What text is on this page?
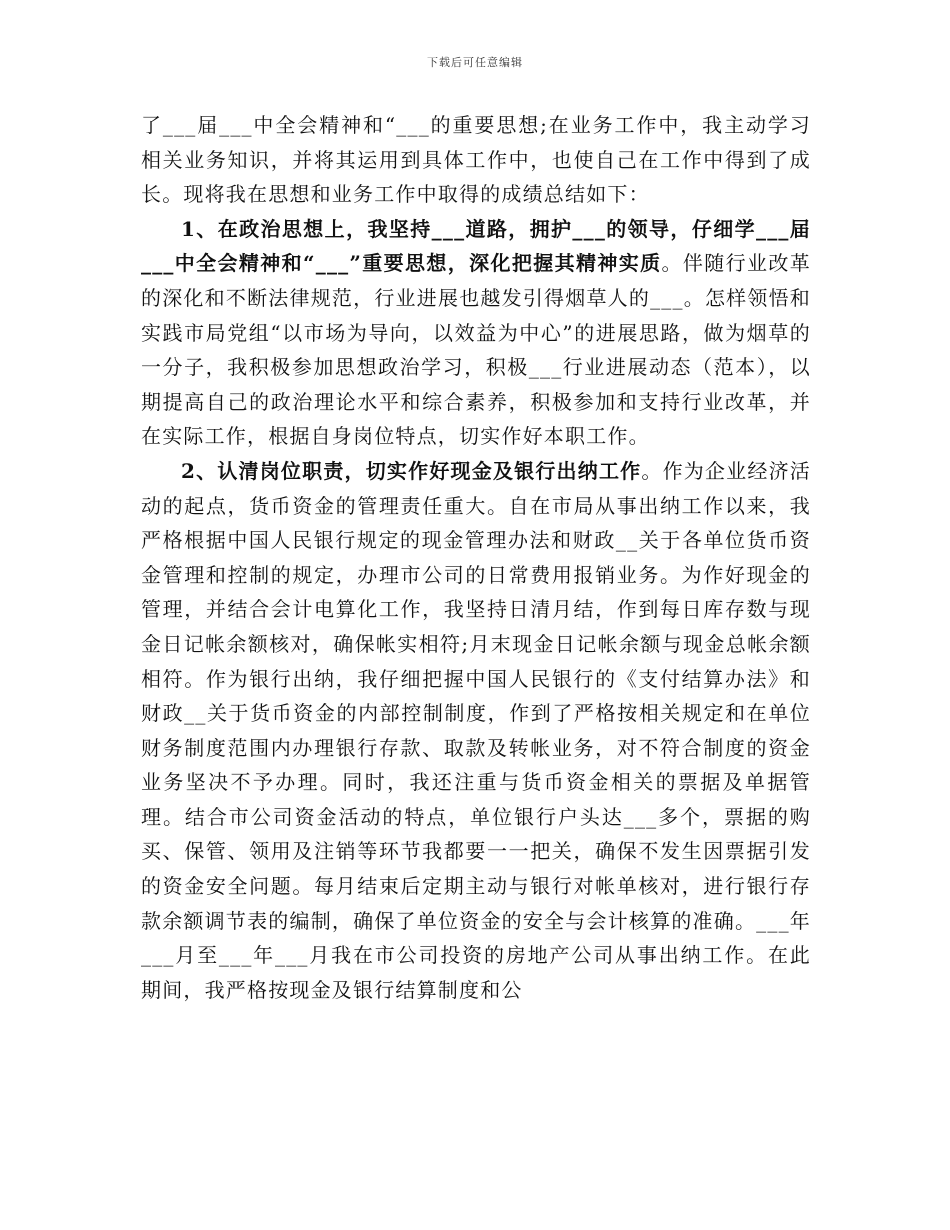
下载后可任意编辑

了___届___中全会精神和“___的重要思想;在业务工作中，我主动学习相关业务知识，并将其运用到具体工作中，也使自己在工作中得到了成长。现将我在思想和业务工作中取得的成绩总结如下：

1、在政治思想上，我坚持___道路，拥护___的领导，仔细学___届___中全会精神和“___”重要思想，深化把握其精神实质。伴随行业改革的深化和不断法律规范，行业进展也越发引得烟草人的___。怎样领悟和实践市局党组“以市场为导向，以效益为中心”的进展思路，做为烟草的一分子，我积极参加思想政治学习，积极___行业进展动态（范本），以期提高自己的政治理论水平和综合素养，积极参加和支持行业改革，并在实际工作，根据自身岗位特点，切实作好本职工作。

2、认清岗位职责，切实作好现金及银行出纳工作。作为企业经济活动的起点，货币资金的管理责任重大。自在市局从事出纳工作以来，我严格根据中国人民银行规定的现金管理办法和财政__关于各单位货币资金管理和控制的规定，办理市公司的日常费用报销业务。为作好现金的管理，并结合会计电算化工作，我坚持日清月结，作到每日库存数与现金日记帐余额核对，确保帐实相符;月末现金日记帐余额与现金总帐余额相符。作为银行出纳，我仔细把握中国人民银行的《支付结算办法》和财政__关于货币资金的内部控制制度，作到了严格按相关规定和在单位财务制度范围内办理银行存款、取款及转帐业务，对不符合制度的资金业务坚决不予办理。同时，我还注重与货币资金相关的票据及单据管理。结合市公司资金活动的特点，单位银行户头达___多个，票据的购买、保管、领用及注销等环节我都要一一把关，确保不发生因票据引发的资金安全问题。每月结束后定期主动与银行对帐单核对，进行银行存款余额调节表的编制，确保了单位资金的安全与会计核算的准确。___年___月至___年___月我在市公司投资的房地产公司从事出纳工作。在此期间，我严格按现金及银行结算制度和公
